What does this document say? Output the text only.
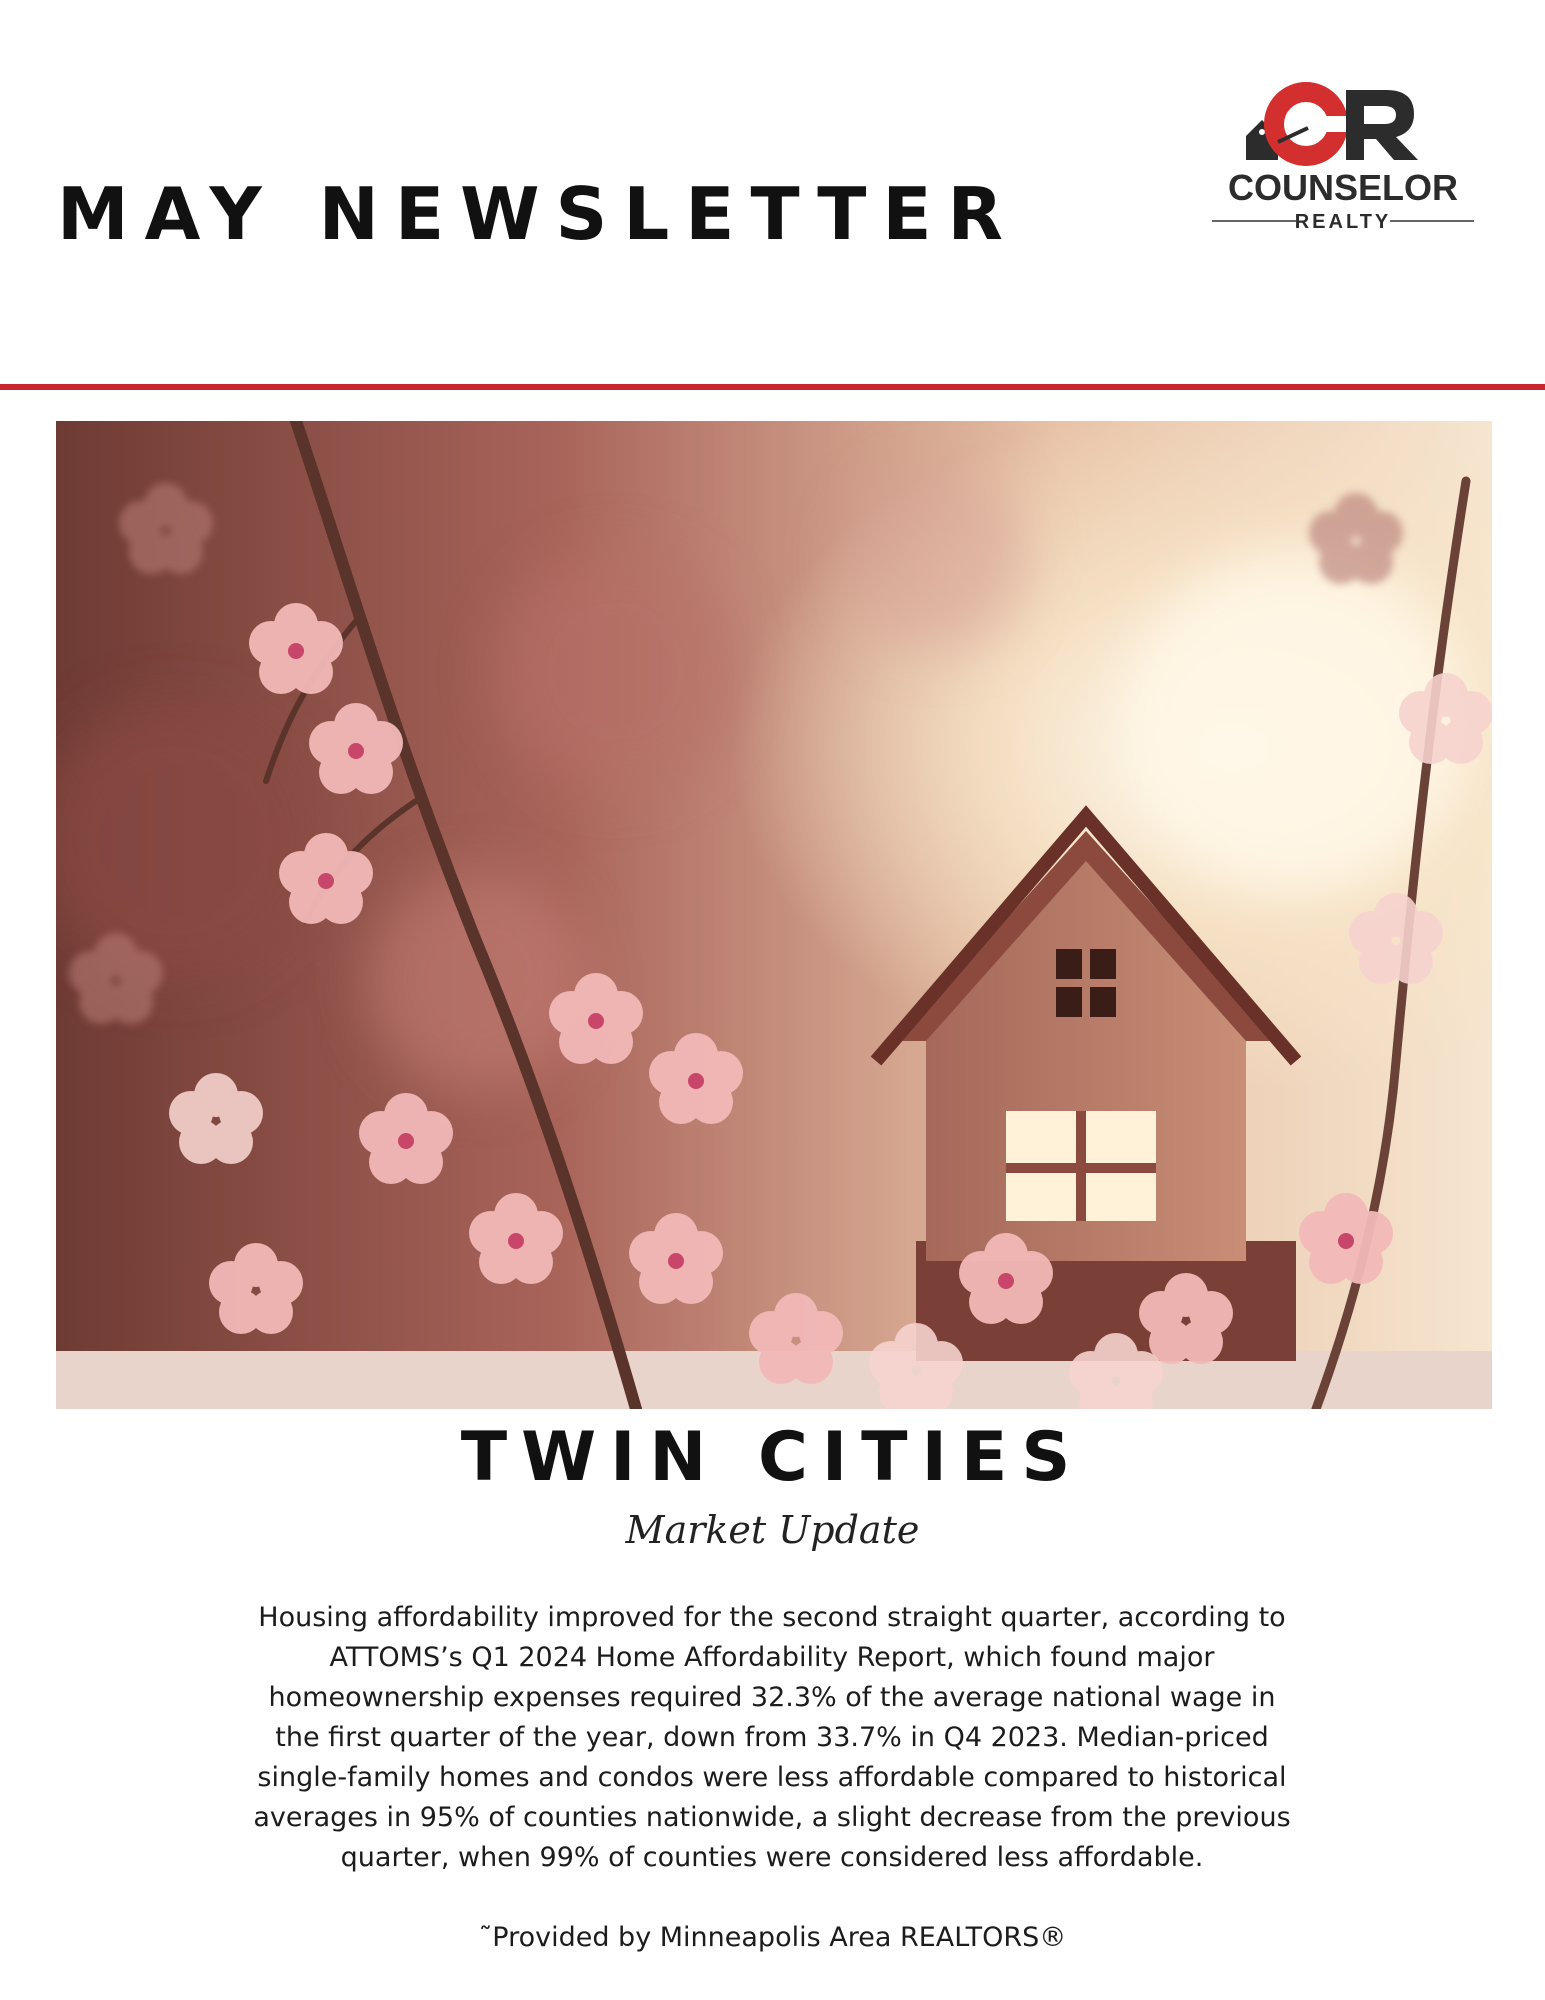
MAY NEWSLETTER	COUNSELOR
REALTY
TWIN CITIES
Market Update

Housing affordability improved for the second straight quarter, according to ATTOMS’s Q1 2024 Home Affordability Report, which found major homeownership expenses required 32.3% of the average national wage in the first quarter of the year, down from 33.7% in Q4 2023. Median-priced single-family homes and condos were less affordable compared to historical averages in 95% of counties nationwide, a slight decrease from the previous quarter, when 99% of counties were considered less affordable.

˜Provided by Minneapolis Area REALTORS®
